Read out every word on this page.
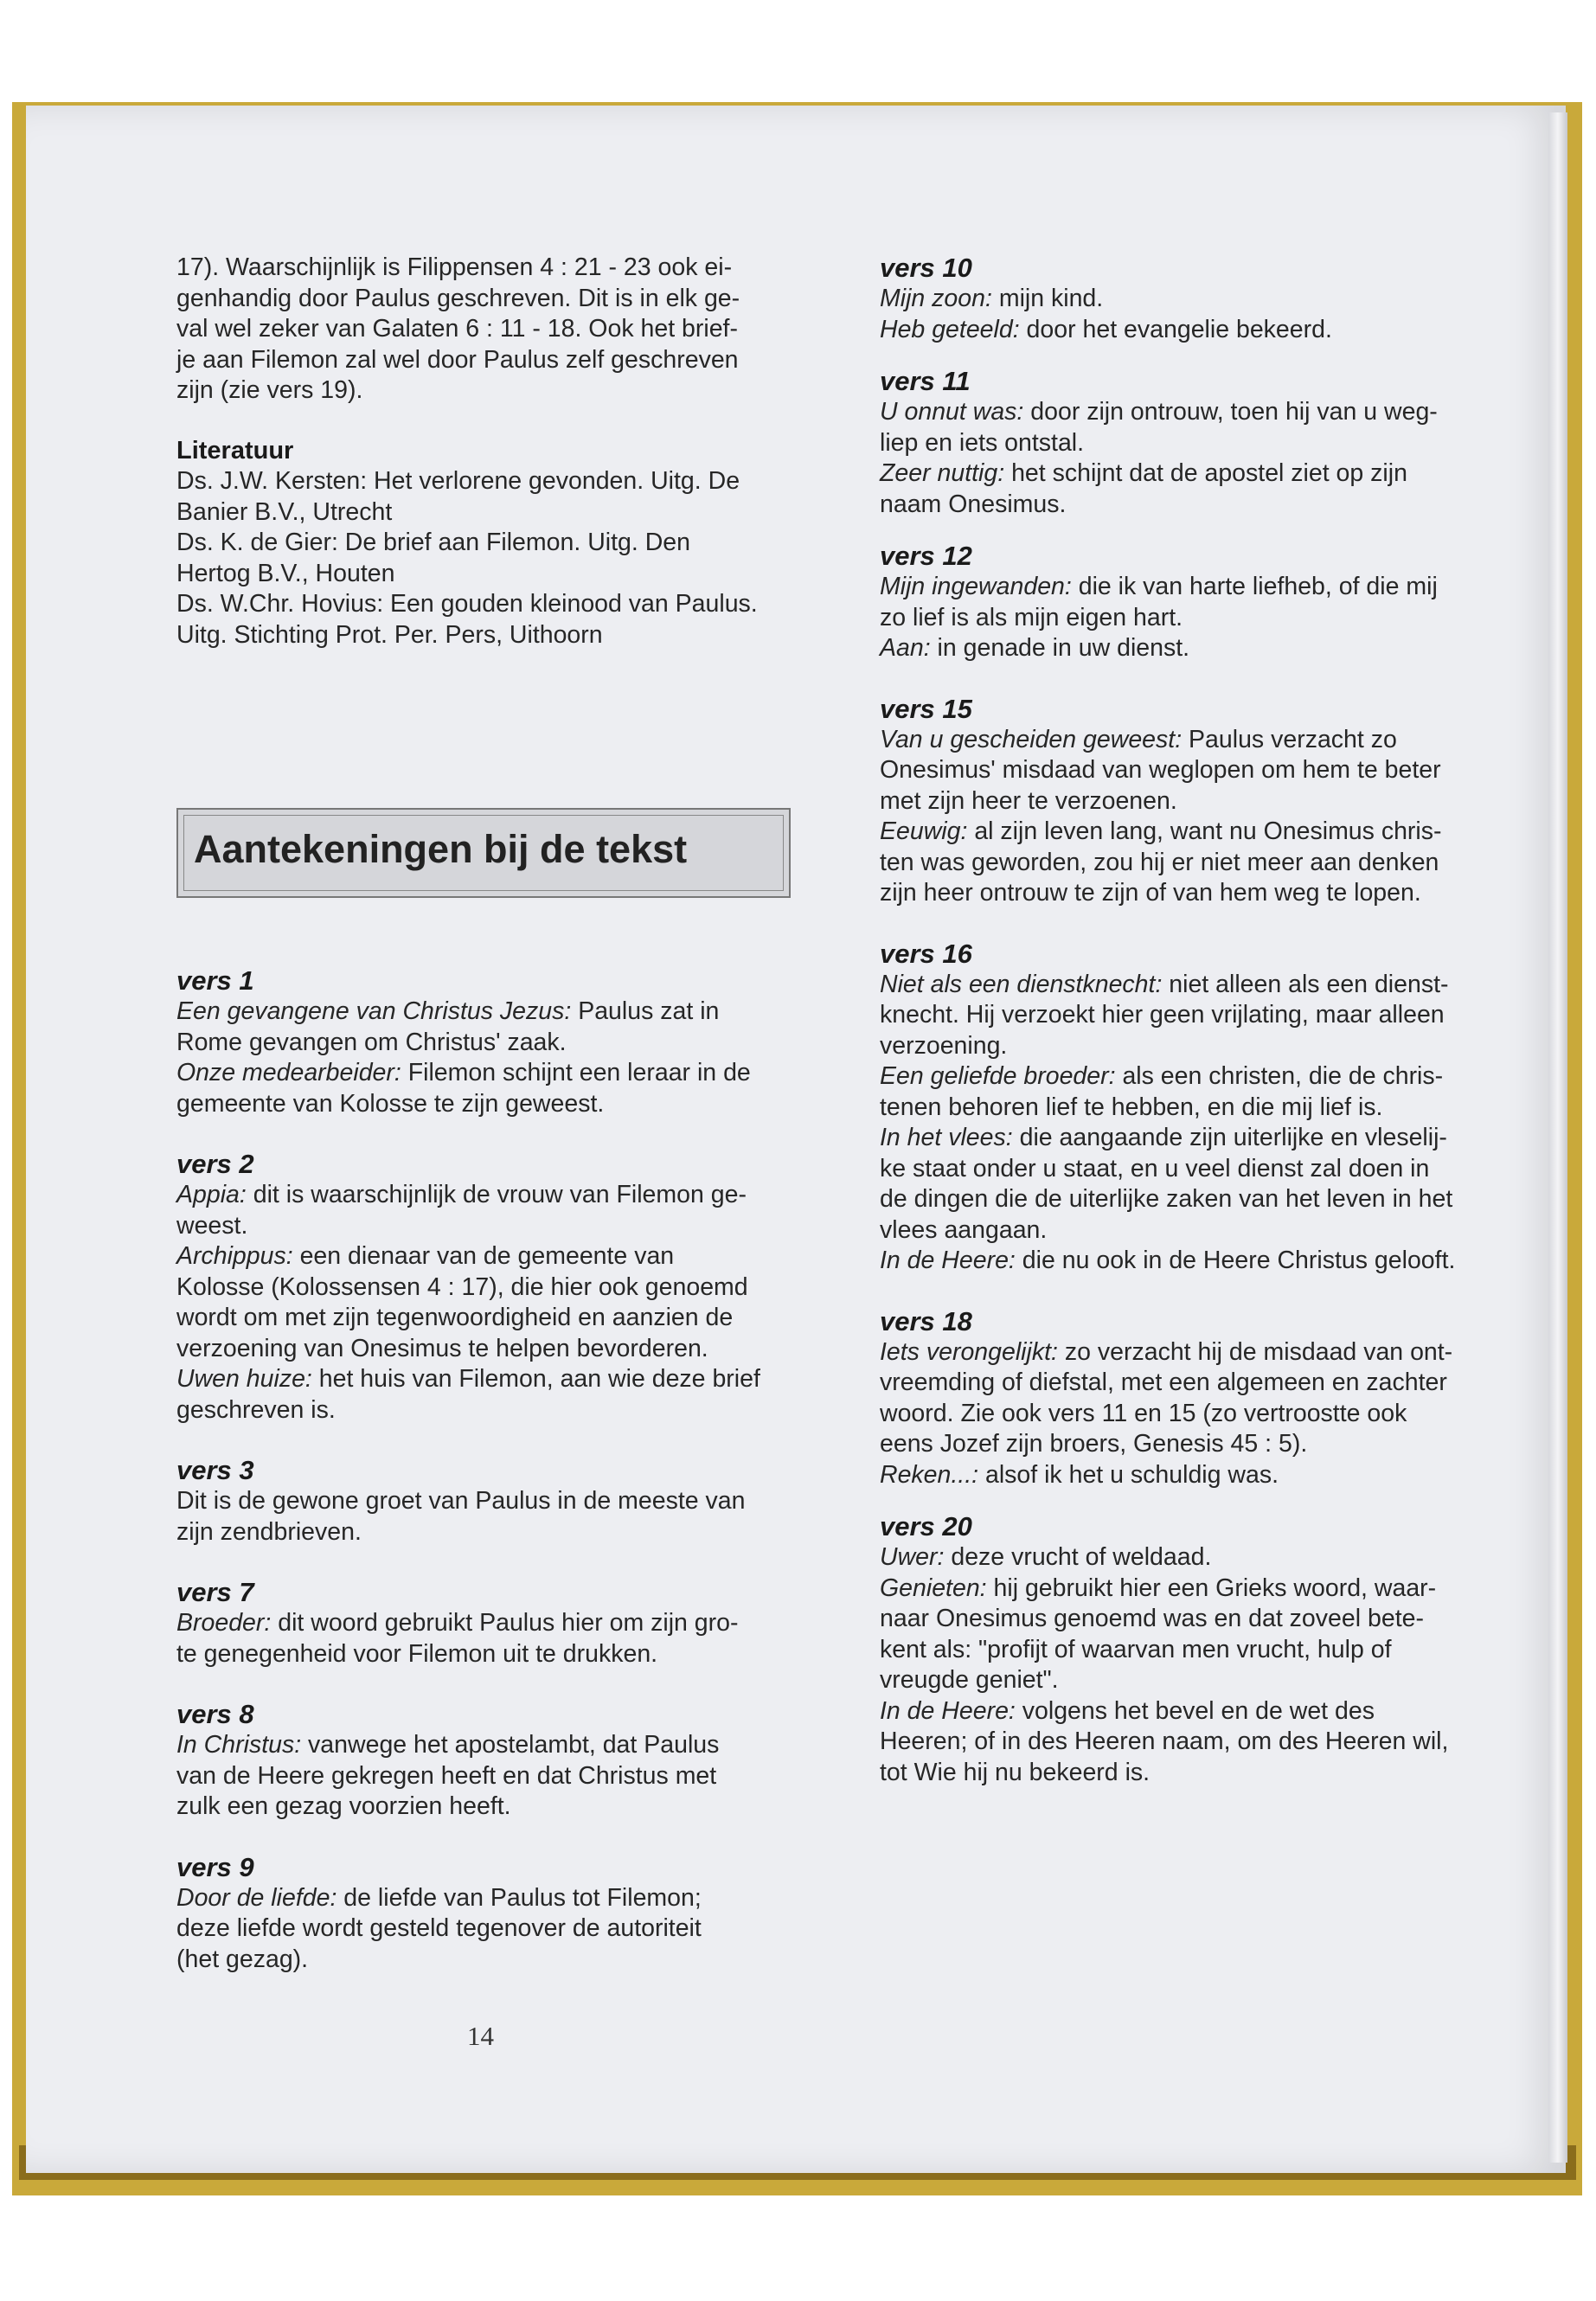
17). Waarschijnlijk is Filippensen 4 : 21 - 23 ook ei-
genhandig door Paulus geschreven. Dit is in elk ge-
val wel zeker van Galaten 6 : 11 - 18. Ook het brief-
je aan Filemon zal wel door Paulus zelf geschreven
zijn (zie vers 19).

Literatuur

Ds. J.W. Kersten: Het verlorene gevonden. Uitg. De
Banier B.V., Utrecht
Ds. K. de Gier: De brief aan Filemon. Uitg. Den
Hertog B.V., Houten
Ds. W.Chr. Hovius: Een gouden kleinood van Paulus.
Uitg. Stichting Prot. Per. Pers, Uithoorn

Aantekeningen bij de tekst

vers 1

Een gevangene van Christus Jezus: Paulus zat in
Rome gevangen om Christus' zaak.
Onze medearbeider: Filemon schijnt een leraar in de
gemeente van Kolosse te zijn geweest.

vers 2

Appia: dit is waarschijnlijk de vrouw van Filemon ge-
weest.
Archippus: een dienaar van de gemeente van
Kolosse (Kolossensen 4 : 17), die hier ook genoemd
wordt om met zijn tegenwoordigheid en aanzien de
verzoening van Onesimus te helpen bevorderen.
Uwen huize: het huis van Filemon, aan wie deze brief
geschreven is.

vers 3

Dit is de gewone groet van Paulus in de meeste van
zijn zendbrieven.

vers 7

Broeder: dit woord gebruikt Paulus hier om zijn gro-
te genegenheid voor Filemon uit te drukken.

vers 8

In Christus: vanwege het apostelambt, dat Paulus
van de Heere gekregen heeft en dat Christus met
zulk een gezag voorzien heeft.

vers 9

Door de liefde: de liefde van Paulus tot Filemon;
deze liefde wordt gesteld tegenover de autoriteit
(het gezag).

vers 10

Mijn zoon: mijn kind.
Heb geteeld: door het evangelie bekeerd.

vers 11

U onnut was: door zijn ontrouw, toen hij van u weg-
liep en iets ontstal.
Zeer nuttig: het schijnt dat de apostel ziet op zijn
naam Onesimus.

vers 12

Mijn ingewanden: die ik van harte liefheb, of die mij
zo lief is als mijn eigen hart.
Aan: in genade in uw dienst.

vers 15

Van u gescheiden geweest: Paulus verzacht zo
Onesimus' misdaad van weglopen om hem te beter
met zijn heer te verzoenen.
Eeuwig: al zijn leven lang, want nu Onesimus chris-
ten was geworden, zou hij er niet meer aan denken
zijn heer ontrouw te zijn of van hem weg te lopen.

vers 16

Niet als een dienstknecht: niet alleen als een dienst-
knecht. Hij verzoekt hier geen vrijlating, maar alleen
verzoening.
Een geliefde broeder: als een christen, die de chris-
tenen behoren lief te hebben, en die mij lief is.
In het vlees: die aangaande zijn uiterlijke en vleselij-
ke staat onder u staat, en u veel dienst zal doen in
de dingen die de uiterlijke zaken van het leven in het
vlees aangaan.
In de Heere: die nu ook in de Heere Christus gelooft.

vers 18

Iets verongelijkt: zo verzacht hij de misdaad van ont-
vreemding of diefstal, met een algemeen en zachter
woord. Zie ook vers 11 en 15 (zo vertroostte ook
eens Jozef zijn broers, Genesis 45 : 5).
Reken...: alsof ik het u schuldig was.

vers 20

Uwer: deze vrucht of weldaad.
Genieten: hij gebruikt hier een Grieks woord, waar-
naar Onesimus genoemd was en dat zoveel bete-
kent als: "profijt of waarvan men vrucht, hulp of
vreugde geniet".
In de Heere: volgens het bevel en de wet des
Heeren; of in des Heeren naam, om des Heeren wil,
tot Wie hij nu bekeerd is.

14
